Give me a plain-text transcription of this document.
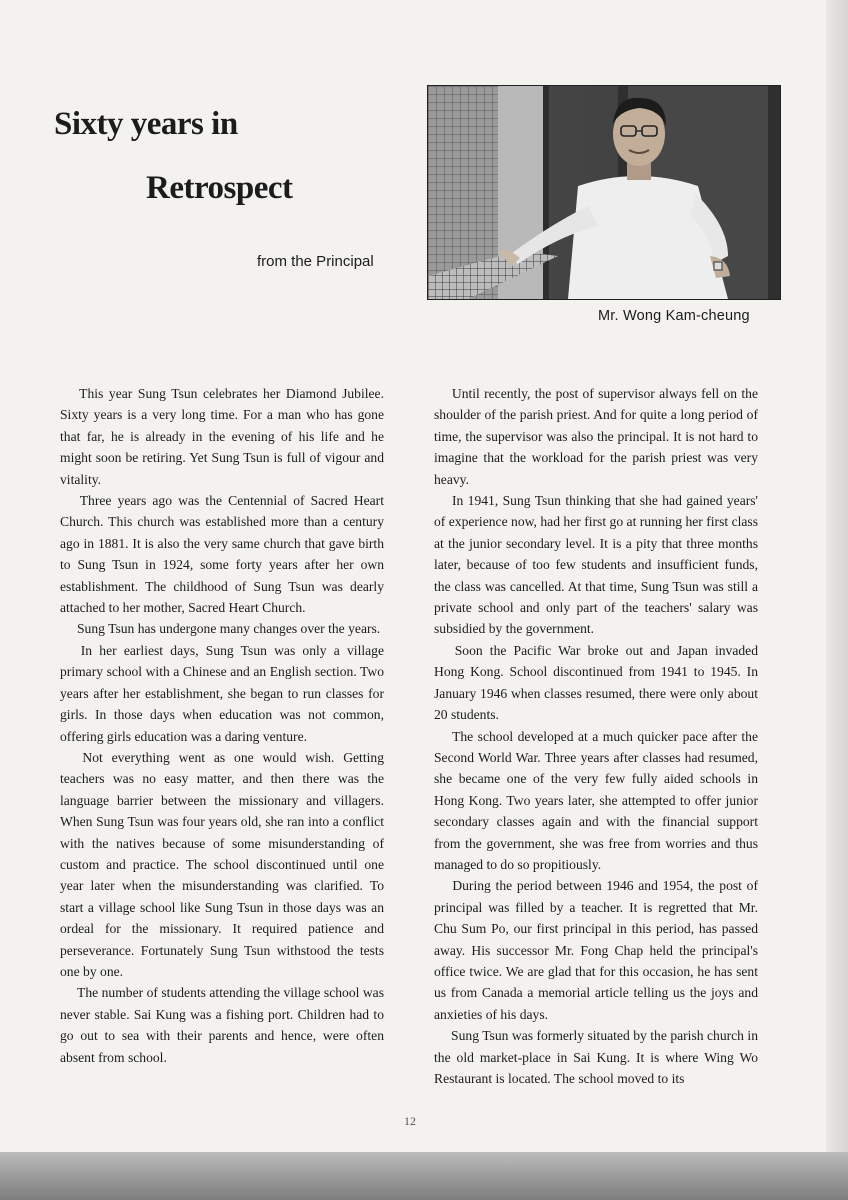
Sixty years in
Retrospect
from the Principal
Mr. Wong Kam-cheung

  This year Sung Tsun celebrates her Diamond Jubilee. Sixty years is a very long time. For a man who has gone that far, he is already in the evening of his life and he might soon be retiring. Yet Sung Tsun is full of vigour and vitality.

  Three years ago was the Centennial of Sacred Heart Church. This church was established more than a century ago in 1881. It is also the very same church that gave birth to Sung Tsun in 1924, some forty years after her own establishment. The childhood of Sung Tsun was dearly attached to her mother, Sacred Heart Church.

  Sung Tsun has undergone many changes over the years.

  In her earliest days, Sung Tsun was only a village primary school with a Chinese and an English section. Two years after her establishment, she began to run classes for girls. In those days when education was not common, offering girls education was a daring venture.

  Not everything went as one would wish. Getting teachers was no easy matter, and then there was the language barrier between the missionary and villagers. When Sung Tsun was four years old, she ran into a conflict with the natives because of some misunderstanding of custom and practice. The school discontinued until one year later when the misunderstanding was clarified. To start a village school like Sung Tsun in those days was an ordeal for the missionary. It required patience and perseverance. Fortunately Sung Tsun withstood the tests one by one.

  The number of students attending the village school was never stable. Sai Kung was a fishing port. Children had to go out to sea with their parents and hence, were often absent from school.

  Until recently, the post of supervisor always fell on the shoulder of the parish priest. And for quite a long period of time, the supervisor was also the principal. It is not hard to imagine that the workload for the parish priest was very heavy.

  In 1941, Sung Tsun thinking that she had gained years' of experience now, had her first go at running her first class at the junior secondary level. It is a pity that three months later, because of too few students and insufficient funds, the class was cancelled. At that time, Sung Tsun was still a private school and only part of the teachers' salary was subsidied by the government.

  Soon the Pacific War broke out and Japan invaded Hong Kong. School discontinued from 1941 to 1945. In January 1946 when classes resumed, there were only about 20 students.

  The school developed at a much quicker pace after the Second World War. Three years after classes had resumed, she became one of the very few fully aided schools in Hong Kong. Two years later, she attempted to offer junior secondary classes again and with the financial support from the government, she was free from worries and thus managed to do so propitiously.

  During the period between 1946 and 1954, the post of principal was filled by a teacher. It is regretted that Mr. Chu Sum Po, our first principal in this period, has passed away. His successor Mr. Fong Chap held the principal's office twice. We are glad that for this occasion, he has sent us from Canada a memorial article telling us the joys and anxieties of his days.

  Sung Tsun was formerly situated by the parish church in the old market-place in Sai Kung. It is where Wing Wo Restaurant is located. The school moved to its

12
